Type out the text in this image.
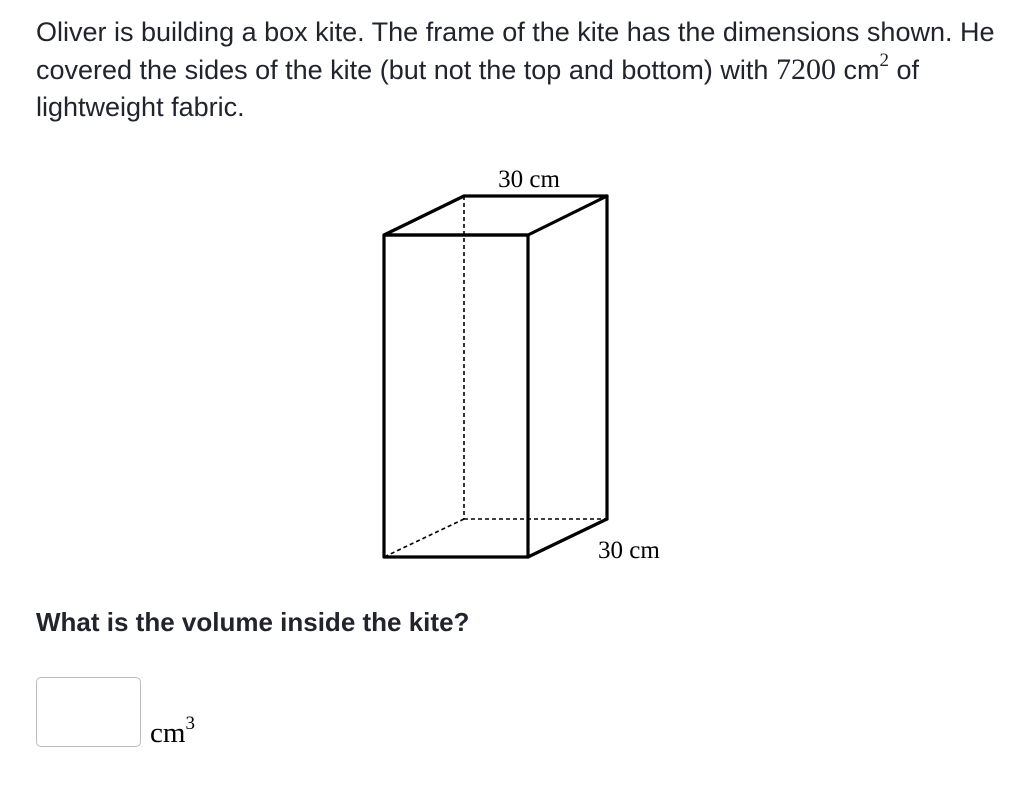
Oliver is building a box kite. The frame of the kite has the dimensions shown. He covered the sides of the kite (but not the top and bottom) with 7200 $cm^2$ of lightweight fabric.
30 cm
30 cm
What is the volume inside the kite?
$cm^3$
